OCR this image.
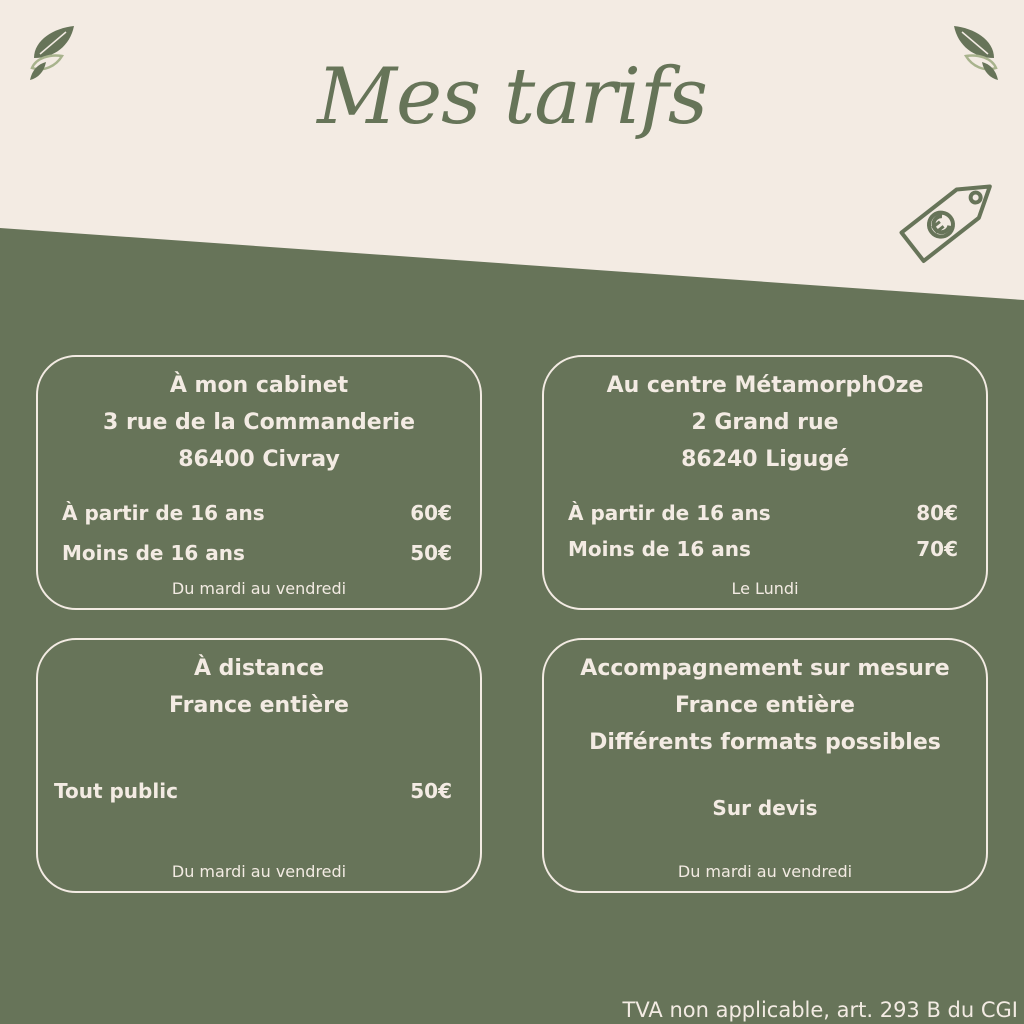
Mes tarifs
À mon cabinet
3 rue de la Commanderie
86400 Civray
À partir de 16 ans	60€
Moins de 16 ans	50€
Du mardi au vendredi
Au centre MétamorphOze
2 Grand rue
86240 Ligugé
À partir de 16 ans	80€
Moins de 16 ans	70€
Le Lundi
À distance
France entière
Tout public	50€
Du mardi au vendredi
Accompagnement sur mesure
France entière
Différents formats possibles
Sur devis
Du mardi au vendredi
TVA non applicable, art. 293 B du CGI
